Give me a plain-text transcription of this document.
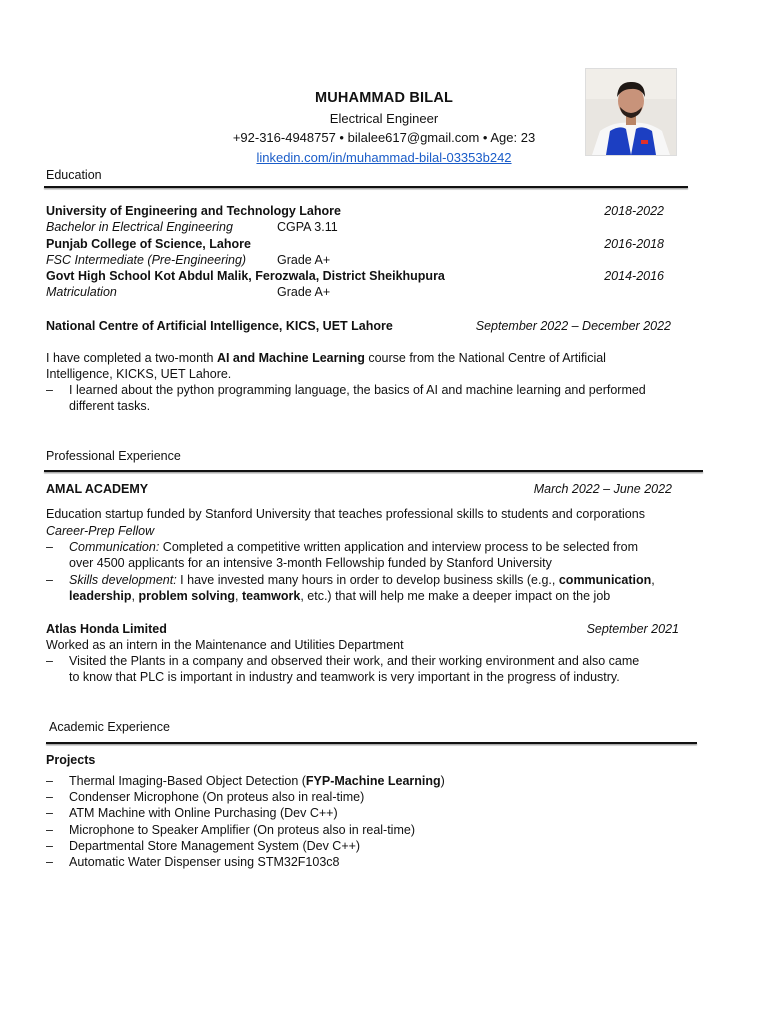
MUHAMMAD BILAL
Electrical Engineer
+92-316-4948757 • bilalee617@gmail.com • Age: 23
linkedin.com/in/muhammad-bilal-03353b242
Education
University of Engineering and Technology Lahore	2018-2022
Bachelor in Electrical Engineering	CGPA 3.11
Punjab College of Science, Lahore	2016-2018
FSC Intermediate (Pre-Engineering) Grade A+
Govt High School Kot Abdul Malik, Ferozwala, District Sheikhupura	2014-2016
Matriculation	Grade A+
National Centre of Artificial Intelligence, KICS, UET Lahore	September 2022 – December 2022
I have completed a two-month AI and Machine Learning course from the National Centre of Artificial
Intelligence, KICKS, UET Lahore.
–	I learned about the python programming language, the basics of AI and machine learning and performed
different tasks.
Professional Experience
AMAL ACADEMY	March 2022 – June 2022
Education startup funded by Stanford University that teaches professional skills to students and corporations
Career-Prep Fellow
–	Communication: Completed a competitive written application and interview process to be selected from
over 4500 applicants for an intensive 3-month Fellowship funded by Stanford University
–	Skills development: I have invested many hours in order to develop business skills (e.g., communication,
leadership, problem solving, teamwork, etc.) that will help me make a deeper impact on the job
Atlas Honda Limited	September 2021
Worked as an intern in the Maintenance and Utilities Department
–	Visited the Plants in a company and observed their work, and their working environment and also came
to know that PLC is important in industry and teamwork is very important in the progress of industry.
Academic Experience
Projects
–	Thermal Imaging-Based Object Detection (FYP-Machine Learning)
–	Condenser Microphone (On proteus also in real-time)
–	ATM Machine with Online Purchasing (Dev C++)
–	Microphone to Speaker Amplifier (On proteus also in real-time)
–	Departmental Store Management System (Dev C++)
–	Automatic Water Dispenser using STM32F103c8
